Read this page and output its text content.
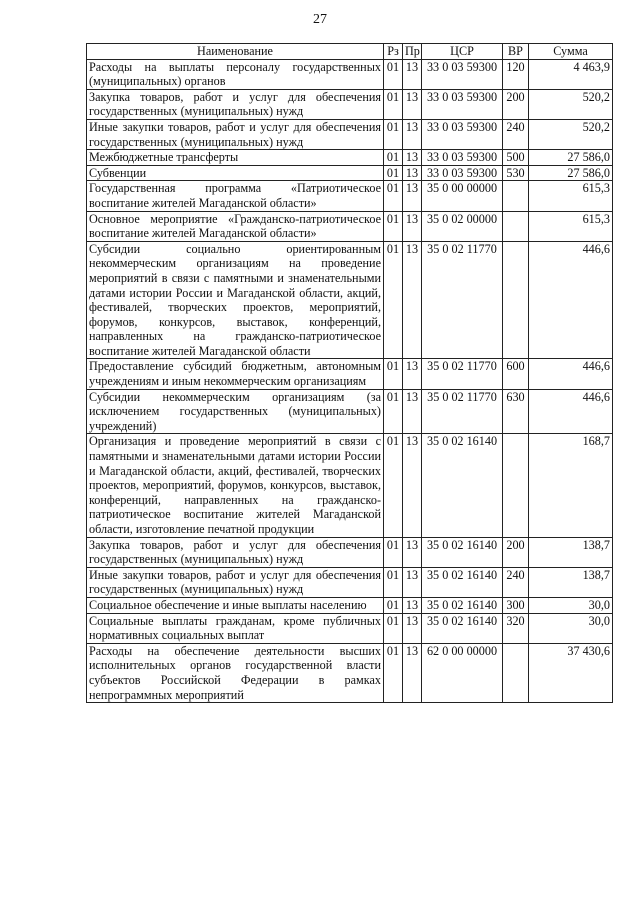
27
Наименование	Рз	Пр	ЦСР	ВР	Сумма
Расходы на выплаты персоналу государственных (муниципальных) органов	01	13	33 0 03 59300	120	4 463,9
Закупка товаров, работ и услуг для обеспечения государственных (муниципальных) нужд	01	13	33 0 03 59300	200	520,2
Иные закупки товаров, работ и услуг для обеспечения государственных (муниципальных) нужд	01	13	33 0 03 59300	240	520,2
Межбюджетные трансферты	01	13	33 0 03 59300	500	27 586,0
Субвенции	01	13	33 0 03 59300	530	27 586,0
Государственная программа «Патриотическое воспитание жителей Магаданской области»	01	13	35 0 00 00000		615,3
Основное мероприятие «Гражданско-патриотическое воспитание жителей Магаданской области»	01	13	35 0 02 00000		615,3
Субсидии социально ориентированным некоммерческим организациям на проведение мероприятий в связи с памятными и знаменательными датами истории России и Магаданской области, акций, фестивалей, творческих проектов, мероприятий, форумов, конкурсов, выставок, конференций, направленных на гражданско-патриотическое воспитание жителей Магаданской области	01	13	35 0 02 11770		446,6
Предоставление субсидий бюджетным, автономным учреждениям и иным некоммерческим организациям	01	13	35 0 02 11770	600	446,6
Субсидии некоммерческим организациям (за исключением государственных (муниципальных) учреждений)	01	13	35 0 02 11770	630	446,6
Организация и проведение мероприятий в связи с памятными и знаменательными датами истории России и Магаданской области, акций, фестивалей, творческих проектов, мероприятий, форумов, конкурсов, выставок, конференций, направленных на гражданско-патриотическое воспитание жителей Магаданской области, изготовление печатной продукции	01	13	35 0 02 16140		168,7
Закупка товаров, работ и услуг для обеспечения государственных (муниципальных) нужд	01	13	35 0 02 16140	200	138,7
Иные закупки товаров, работ и услуг для обеспечения государственных (муниципальных) нужд	01	13	35 0 02 16140	240	138,7
Социальное обеспечение и иные выплаты населению	01	13	35 0 02 16140	300	30,0
Социальные выплаты гражданам, кроме публичных нормативных социальных выплат	01	13	35 0 02 16140	320	30,0
Расходы на обеспечение деятельности высших исполнительных органов государственной власти субъектов Российской Федерации в рамках непрограммных мероприятий	01	13	62 0 00 00000		37 430,6
